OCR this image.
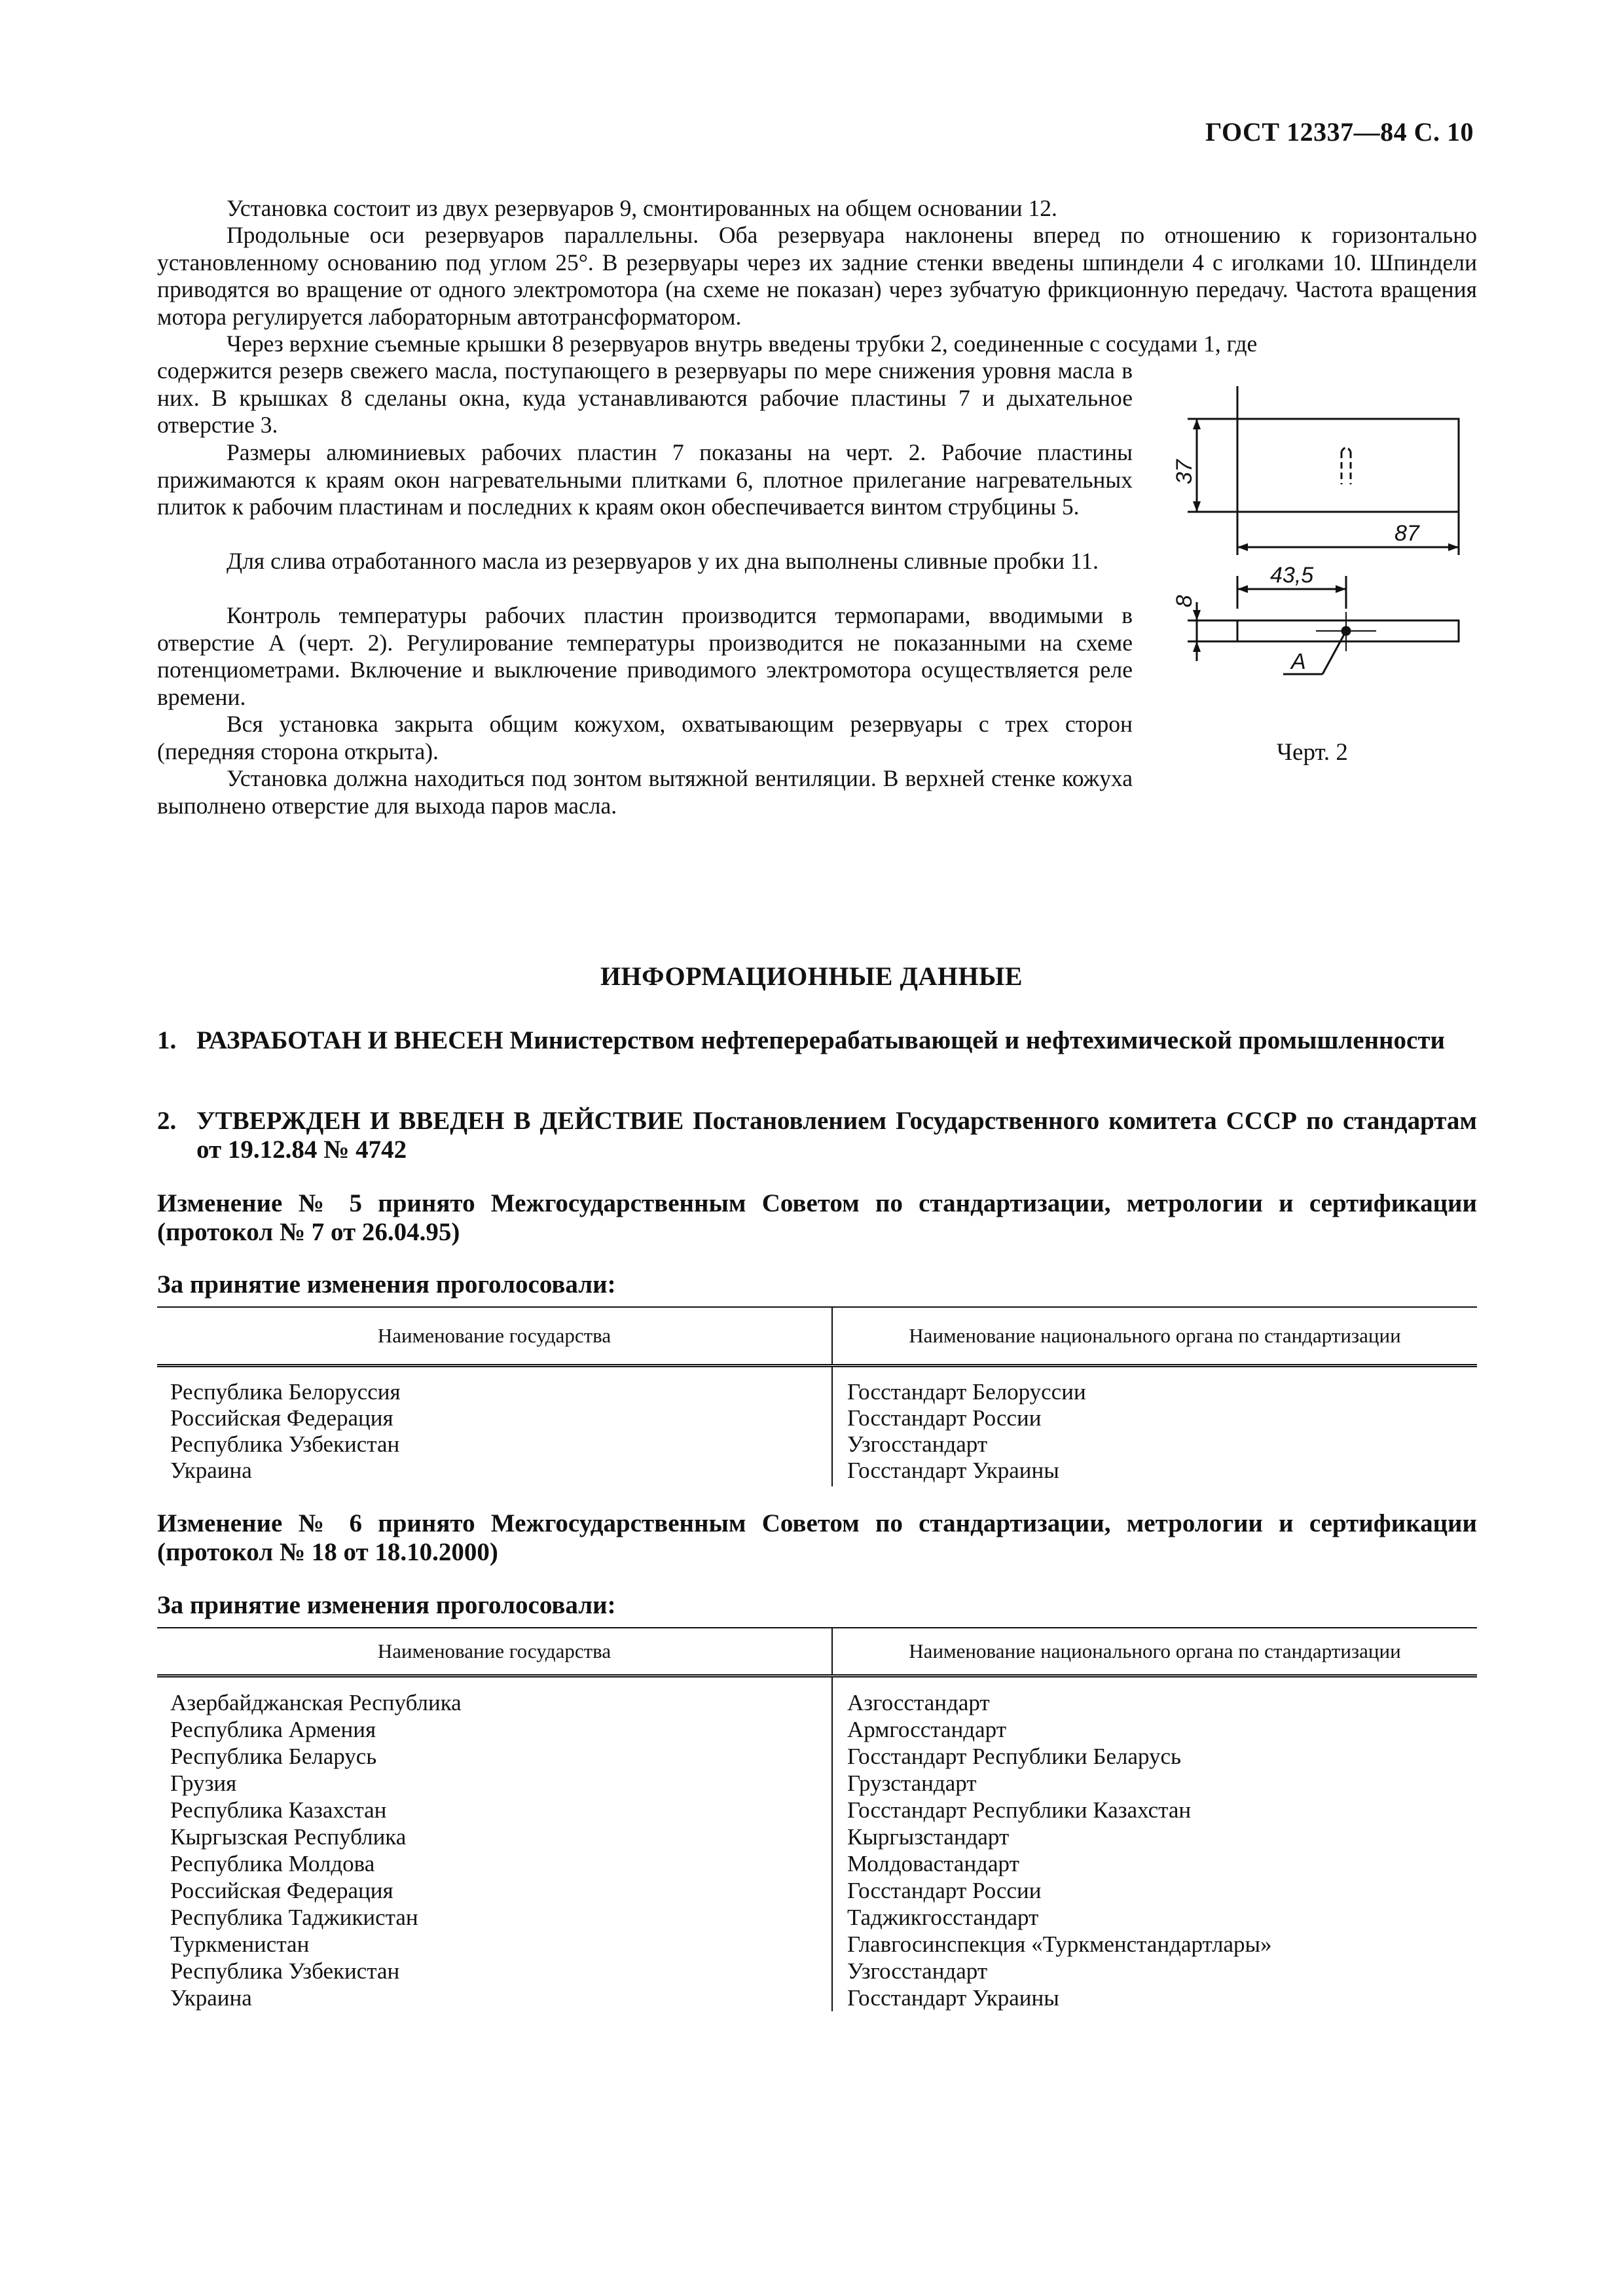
ГОСТ 12337—84 С. 10

Установка состоит из двух резервуаров 9, смонтированных на общем основании 12.

Продольные оси резервуаров параллельны. Оба резервуара наклонены вперед по отношению к горизонтально установленному основанию под углом 25°. В резервуары через их задние стенки введены шпиндели 4 с иголками 10. Шпиндели приводятся во вращение от одного электромотора (на схеме не показан) через зубчатую фрикционную передачу. Частота вращения мотора регулируется лабораторным автотрансформатором.

Через верхние съемные крышки 8 резервуаров внутрь введены трубки 2, соединенные с сосудами 1, где

содержится резерв свежего масла, поступающего в резервуары по мере снижения уровня масла в них. В крышках 8 сделаны окна, куда устанавливаются рабочие пластины 7 и дыхательное отверстие 3.

Размеры алюминиевых рабочих пластин 7 показаны на черт. 2. Рабочие пластины прижимаются к краям окон нагревательными плитками 6, плотное прилегание нагревательных плиток к рабочим пластинам и последних к краям окон обеспечивается винтом струбцины 5.

Для слива отработанного масла из резервуаров у их дна выполнены сливные пробки 11.

Контроль температуры рабочих пластин производится термопарами, вводимыми в отверстие А (черт. 2). Регулирование температуры производится не показанными на схеме потенциометрами. Включение и выключение приводимого электромотора осуществляется реле времени.

Вся установка закрыта общим кожухом, охватывающим резервуары с трех сторон (передняя сторона открыта).

Установка должна находиться под зонтом вытяжной вентиляции. В верхней стенке кожуха выполнено отверстие для выхода паров масла.

37
87
43,5
8
А
Черт. 2
ИНФОРМАЦИОННЫЕ ДАННЫЕ
1. РАЗРАБОТАН И ВНЕСЕН Министерством нефтеперерабатывающей и нефтехимической промышленности
2. УТВЕРЖДЕН И ВВЕДЕН В ДЕЙСТВИЕ Постановлением Государственного комитета СССР по стандартам от 19.12.84 № 4742
Изменение № 5 принято Межгосударственным Советом по стандартизации, метрологии и сертификации (протокол № 7 от 26.04.95)
За принятие изменения проголосовали:
Наименование государства	Наименование национального органа по стандартизации
Республика Белоруссия	Госстандарт Белоруссии
Российская Федерация	Госстандарт России
Республика Узбекистан	Узгосстандарт
Украина	Госстандарт Украины
Изменение № 6 принято Межгосударственным Советом по стандартизации, метрологии и сертификации (протокол № 18 от 18.10.2000)
За принятие изменения проголосовали:
Наименование государства	Наименование национального органа по стандартизации
Азербайджанская Республика	Азгосстандарт
Республика Армения	Армгосстандарт
Республика Беларусь	Госстандарт Республики Беларусь
Грузия	Грузстандарт
Республика Казахстан	Госстандарт Республики Казахстан
Кыргызская Республика	Кыргызстандарт
Республика Молдова	Молдовастандарт
Российская Федерация	Госстандарт России
Республика Таджикистан	Таджикгосстандарт
Туркменистан	Главгосинспекция «Туркменстандартлары»
Республика Узбекистан	Узгосстандарт
Украина	Госстандарт Украины
